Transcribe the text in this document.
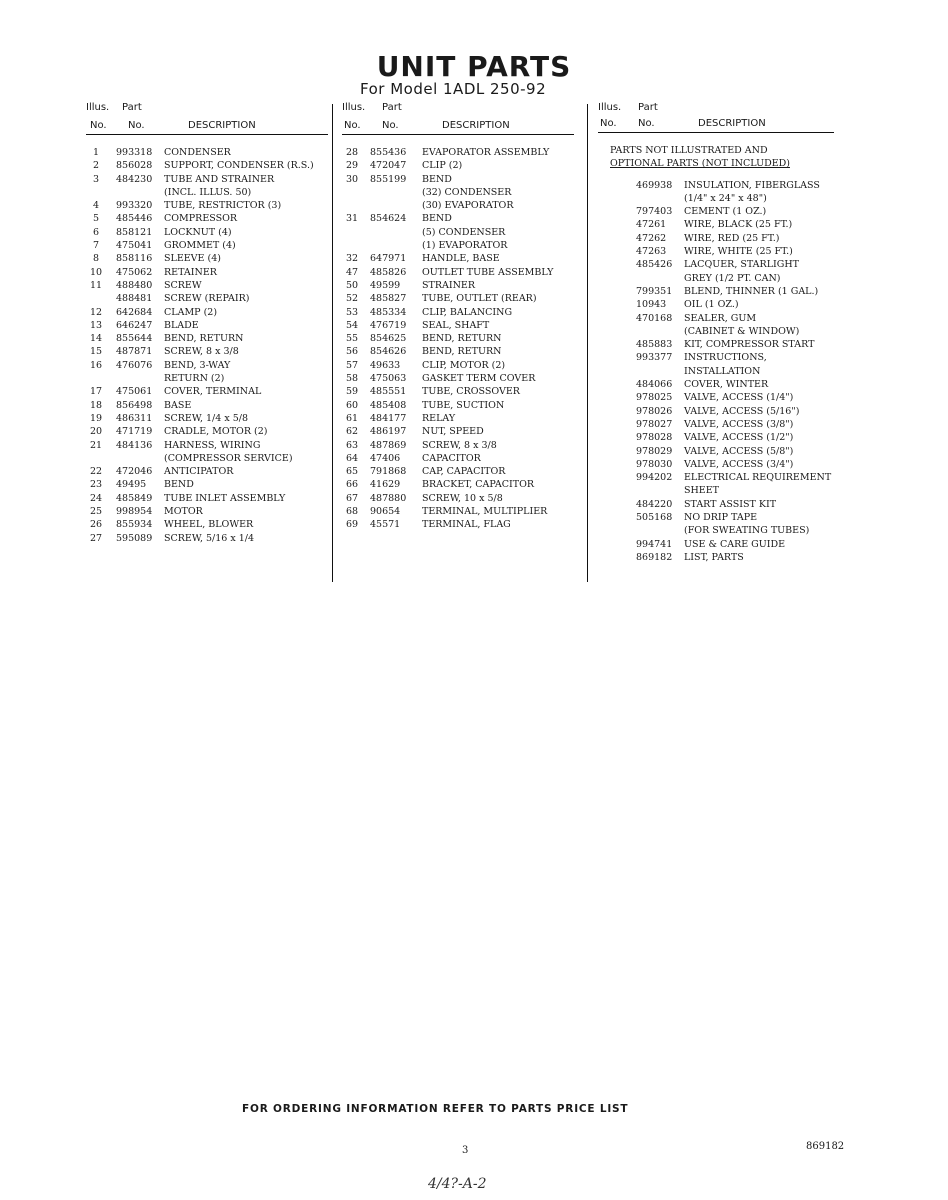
UNIT PARTS
For Model 1ADL 250-92
Illus. Part
No. No.	DESCRIPTION
1	993318 CONDENSER
2	856028 SUPPORT, CONDENSER (R.S.)
3	484230 TUBE AND STRAINER
(INCL. ILLUS. 50)
4	993320 TUBE, RESTRICTOR (3)
5	485446 COMPRESSOR
6	858121 LOCKNUT (4)
7	475041 GROMMET (4)
8	858116 SLEEVE (4)
10	475062 RETAINER
11	488480 SCREW
488481 SCREW (REPAIR)
12	642684 CLAMP (2)
13	646247 BLADE
14	855644 BEND, RETURN
15	487871 SCREW, 8 x 3/8
16	476076 BEND, 3-WAY
RETURN (2)
17	475061 COVER, TERMINAL
18	856498 BASE
19	486311 SCREW, 1/4 x 5/8
20	471719 CRADLE, MOTOR (2)
21	484136 HARNESS, WIRING
(COMPRESSOR SERVICE)
22	472046 ANTICIPATOR
23	49495 BEND
24	485849 TUBE INLET ASSEMBLY
25	998954 MOTOR
26	855934 WHEEL, BLOWER
27	595089 SCREW, 5/16 x 1/4
Illus. Part
No. No.	DESCRIPTION
28	855436 EVAPORATOR ASSEMBLY
29	472047 CLIP (2)
30	855199 BEND
(32) CONDENSER
(30) EVAPORATOR
31	854624 BEND
(5) CONDENSER
(1) EVAPORATOR
32	647971 HANDLE, BASE
47	485826 OUTLET TUBE ASSEMBLY
50	49599 STRAINER
52	485827 TUBE, OUTLET (REAR)
53	485334 CLIP, BALANCING
54	476719 SEAL, SHAFT
55	854625 BEND, RETURN
56	854626 BEND, RETURN
57	49633 CLIP, MOTOR (2)
58	475063 GASKET TERM COVER
59	485551 TUBE, CROSSOVER
60	485408 TUBE, SUCTION
61	484177 RELAY
62	486197 NUT, SPEED
63	487869 SCREW, 8 x 3/8
64	47406 CAPACITOR
65	791868 CAP, CAPACITOR
66	41629 BRACKET, CAPACITOR
67	487880 SCREW, 10 x 5/8
68	90654 TERMINAL, MULTIPLIER
69	45571 TERMINAL, FLAG
Illus. Part
No. No.	DESCRIPTION
PARTS NOT ILLUSTRATED AND
OPTIONAL PARTS (NOT INCLUDED)
469938 INSULATION, FIBERGLASS
(1/4" x 24" x 48")
797403 CEMENT (1 OZ.)
47261 WIRE, BLACK (25 FT.)
47262 WIRE, RED (25 FT.)
47263 WIRE, WHITE (25 FT.)
485426 LACQUER, STARLIGHT
GREY (1/2 PT. CAN)
799351 BLEND, THINNER (1 GAL.)
10943 OIL (1 OZ.)
470168 SEALER, GUM
(CABINET & WINDOW)
485883 KIT, COMPRESSOR START
993377 INSTRUCTIONS,
INSTALLATION
484066 COVER, WINTER
978025 VALVE, ACCESS (1/4")
978026 VALVE, ACCESS (5/16")
978027 VALVE, ACCESS (3/8")
978028 VALVE, ACCESS (1/2")
978029 VALVE, ACCESS (5/8")
978030 VALVE, ACCESS (3/4")
994202 ELECTRICAL REQUIREMENT
SHEET
484220 START ASSIST KIT
505168 NO DRIP TAPE
(FOR SWEATING TUBES)
994741 USE & CARE GUIDE
869182 LIST, PARTS
FOR ORDERING INFORMATION REFER TO PARTS PRICE LIST
3	869182
4/4?-A-2
